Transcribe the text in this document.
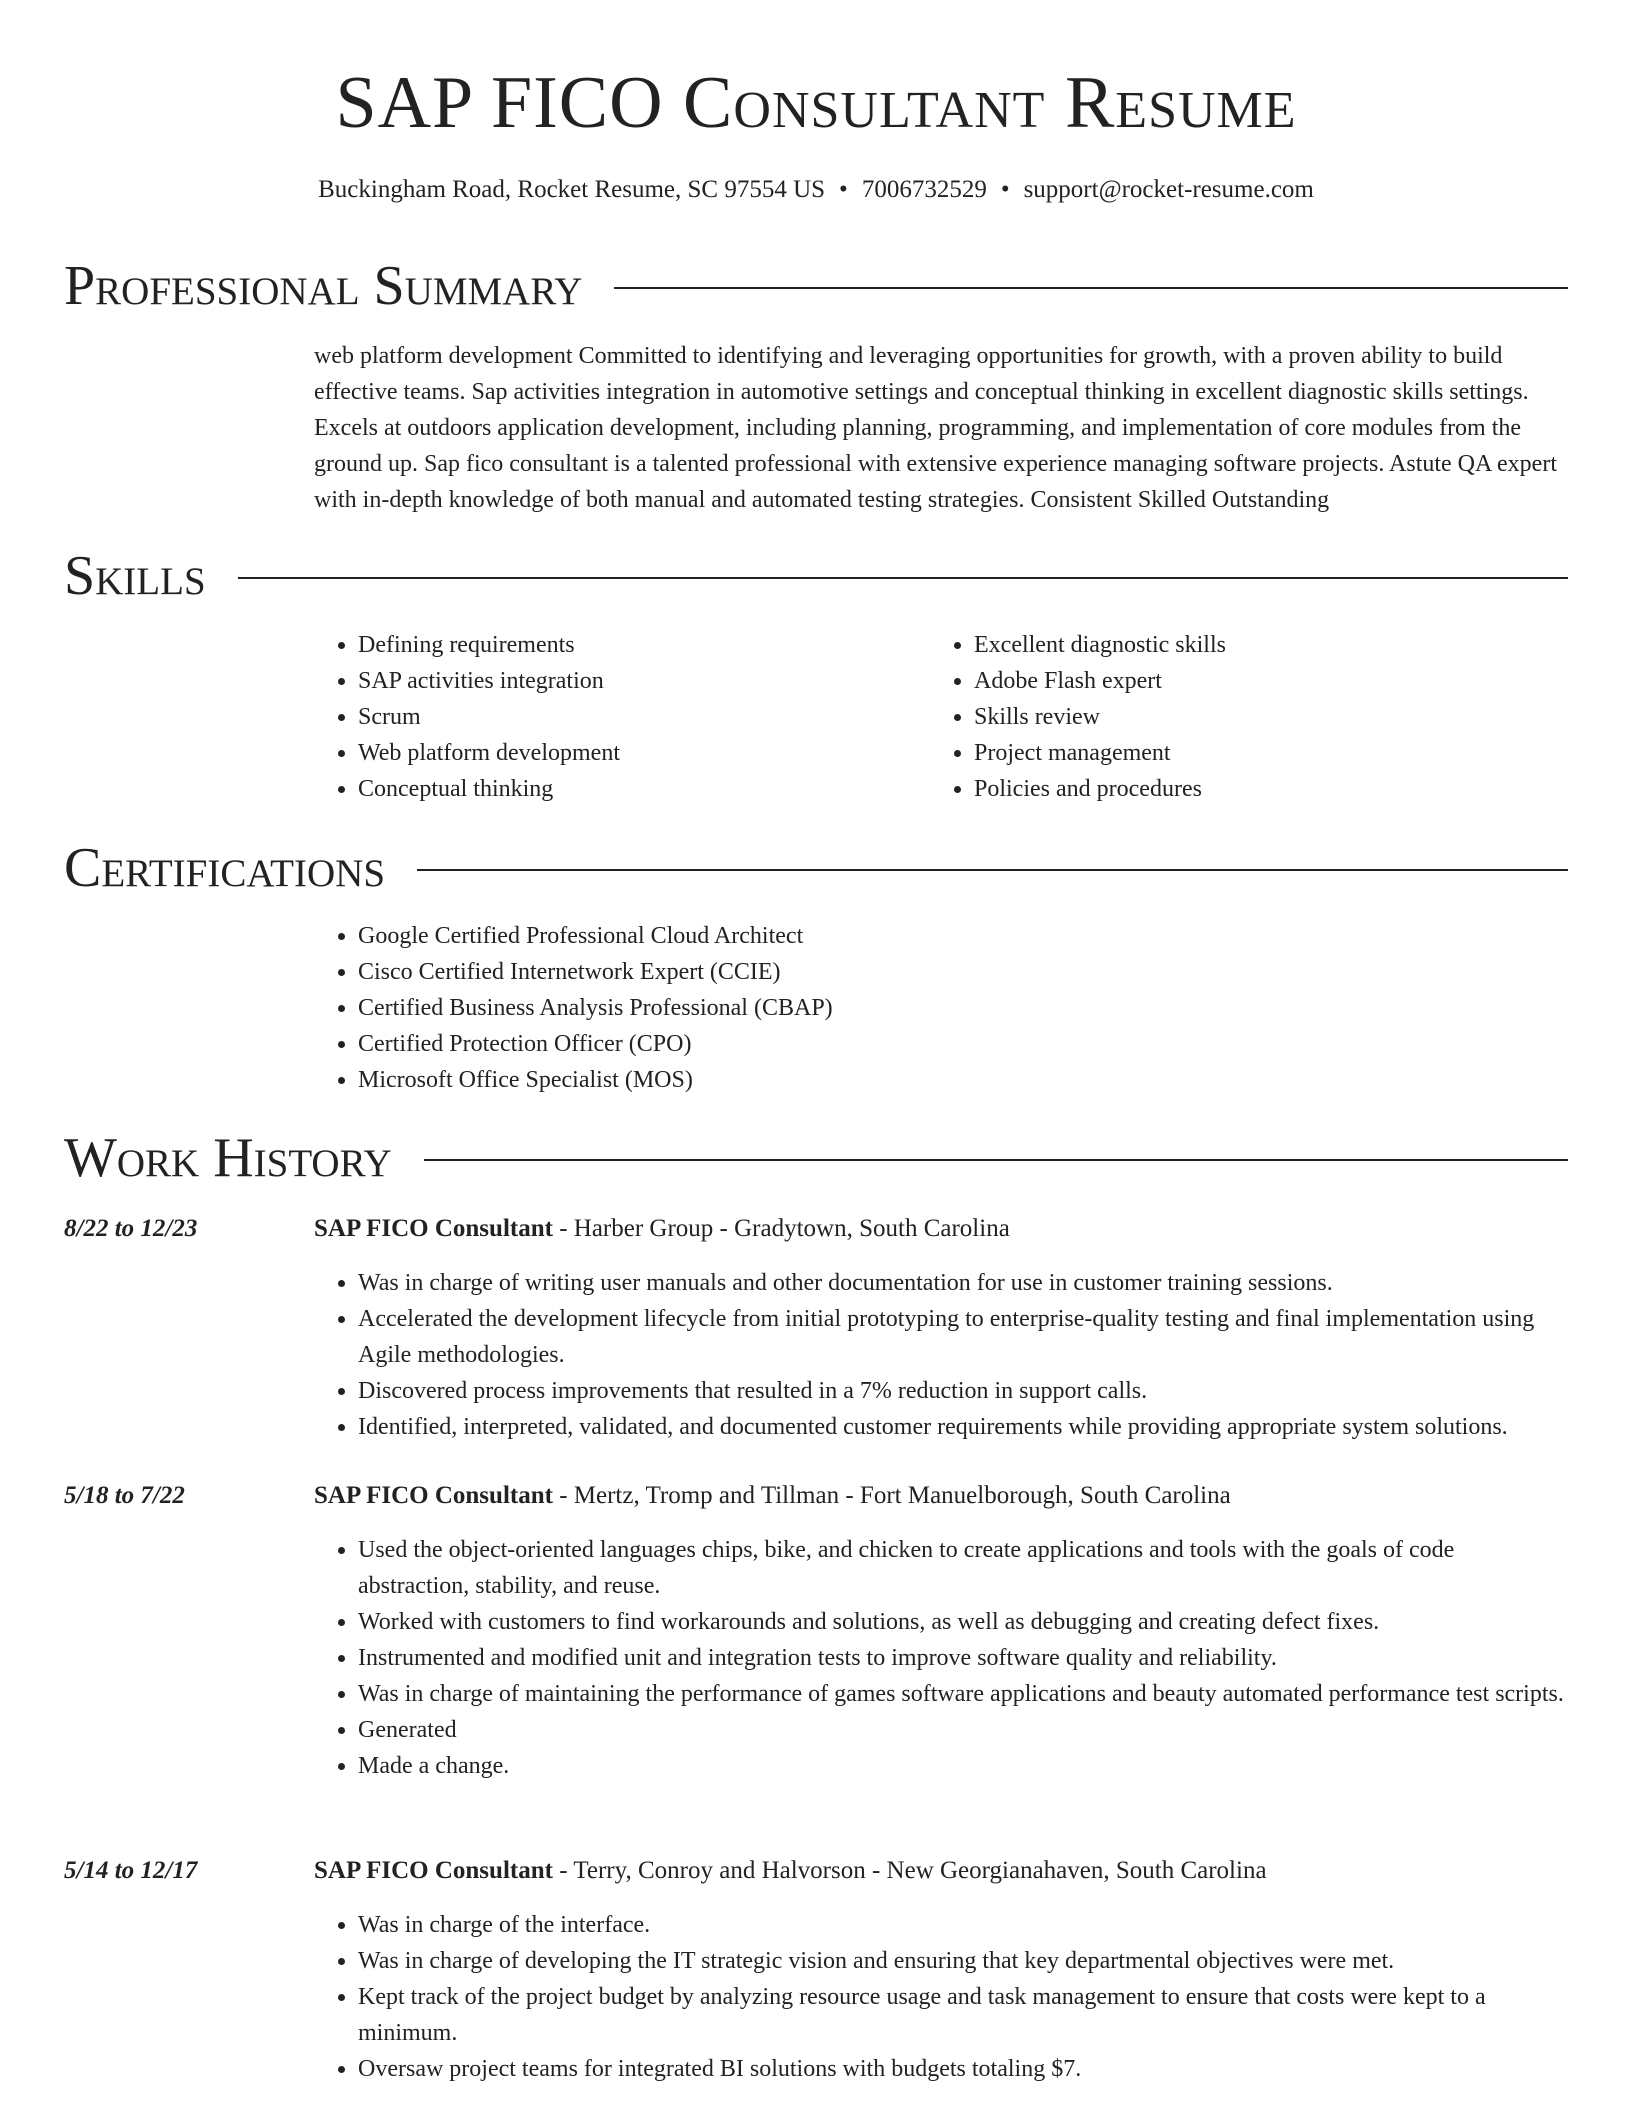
SAP FICO Consultant Resume
Buckingham Road, Rocket Resume, SC 97554 US • 7006732529 • support@rocket-resume.com
Professional Summary

web platform development Committed to identifying and leveraging opportunities for growth, with a proven ability to build effective teams. Sap activities integration in automotive settings and conceptual thinking in excellent diagnostic skills settings. Excels at outdoors application development, including planning, programming, and implementation of core modules from the ground up. Sap fico consultant is a talented professional with extensive experience managing software projects. Astute QA expert with in-depth knowledge of both manual and automated testing strategies. Consistent Skilled Outstanding

Skills
• Defining requirements
• SAP activities integration
• Scrum
• Web platform development
• Conceptual thinking
• Excellent diagnostic skills
• Adobe Flash expert
• Skills review
• Project management
• Policies and procedures
Certifications
• Google Certified Professional Cloud Architect
• Cisco Certified Internetwork Expert (CCIE)
• Certified Business Analysis Professional (CBAP)
• Certified Protection Officer (CPO)
• Microsoft Office Specialist (MOS)
Work History
8/22 to 12/23	SAP FICO Consultant - Harber Group - Gradytown, South Carolina
• Was in charge of writing user manuals and other documentation for use in customer training sessions.
• Accelerated the development lifecycle from initial prototyping to enterprise-quality testing and final implementation using Agile methodologies.
• Discovered process improvements that resulted in a 7% reduction in support calls.
• Identified, interpreted, validated, and documented customer requirements while providing appropriate system solutions.
5/18 to 7/22	SAP FICO Consultant - Mertz, Tromp and Tillman - Fort Manuelborough, South Carolina
• Used the object-oriented languages chips, bike, and chicken to create applications and tools with the goals of code abstraction, stability, and reuse.
• Worked with customers to find workarounds and solutions, as well as debugging and creating defect fixes.
• Instrumented and modified unit and integration tests to improve software quality and reliability.
• Was in charge of maintaining the performance of games software applications and beauty automated performance test scripts.
• Generated
• Made a change.
5/14 to 12/17	SAP FICO Consultant - Terry, Conroy and Halvorson - New Georgianahaven, South Carolina
• Was in charge of the interface.
• Was in charge of developing the IT strategic vision and ensuring that key departmental objectives were met.
• Kept track of the project budget by analyzing resource usage and task management to ensure that costs were kept to a minimum.
• Oversaw project teams for integrated BI solutions with budgets totaling $7.
